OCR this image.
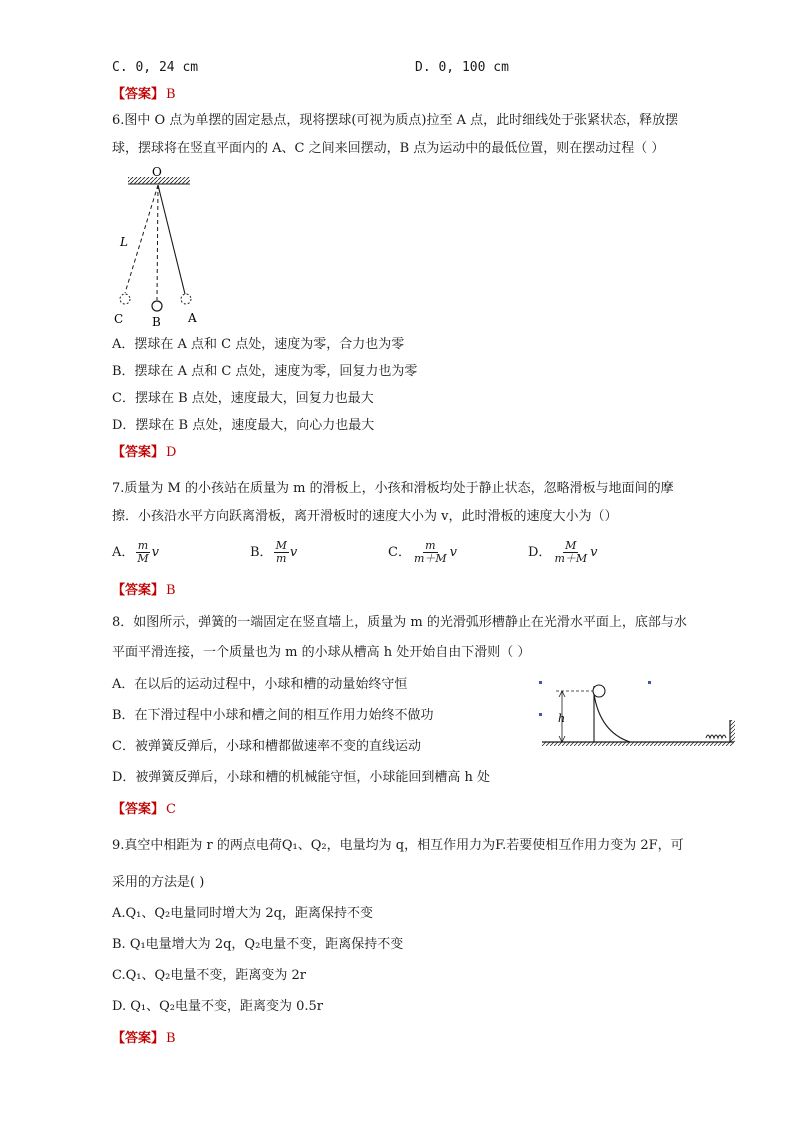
C. 0, 24 cm	D. 0, 100 cm
【答案】 B
6.图中 O 点为单摆的固定悬点，现将摆球(可视为质点)拉至 A 点，此时细线处于张紧状态，释放摆
球，摆球将在竖直平面内的 A、C 之间来回摆动，B 点为运动中的最低位置，则在摆动过程（ ）
O
L
C B A
A．摆球在 A 点和 C 点处，速度为零，合力也为零
B．摆球在 A 点和 C 点处，速度为零，回复力也为零
C．摆球在 B 点处，速度最大，回复力也最大
D．摆球在 B 点处，速度最大，向心力也最大
【答案】 D
7.质量为 M 的小孩站在质量为 m 的滑板上，小孩和滑板均处于静止状态，忽略滑板与地面间的摩
擦．小孩沿水平方向跃离滑板，离开滑板时的速度大小为 v，此时滑板的速度大小为（）
A． $\frac{m}{M}$ v	B． $\frac{M}{m}$ v	C． $\frac{m}{m+M}$ v	D． $\frac{M}{m+M}$ v
【答案】 B
8．如图所示，弹簧的一端固定在竖直墙上，质量为 m 的光滑弧形槽静止在光滑水平面上，底部与水
平面平滑连接，一个质量也为 m 的小球从槽高 h 处开始自由下滑则（ ）
A．在以后的运动过程中，小球和槽的动量始终守恒
B．在下滑过程中小球和槽之间的相互作用力始终不做功
C．被弹簧反弹后，小球和槽都做速率不变的直线运动
D．被弹簧反弹后，小球和槽的机械能守恒，小球能回到槽高 h 处
h
【答案】 C
9.真空中相距为 r 的两点电荷Q₁、Q₂，电量均为 q，相互作用力为F.若要使相互作用力变为 2F，可
采用的方法是( )
A.Q₁、Q₂电量同时增大为 2q，距离保持不变
B. Q₁电量增大为 2q，Q₂电量不变，距离保持不变
C.Q₁、Q₂电量不变，距离变为 2r
D. Q₁、Q₂电量不变，距离变为 0.5r
【答案】 B
